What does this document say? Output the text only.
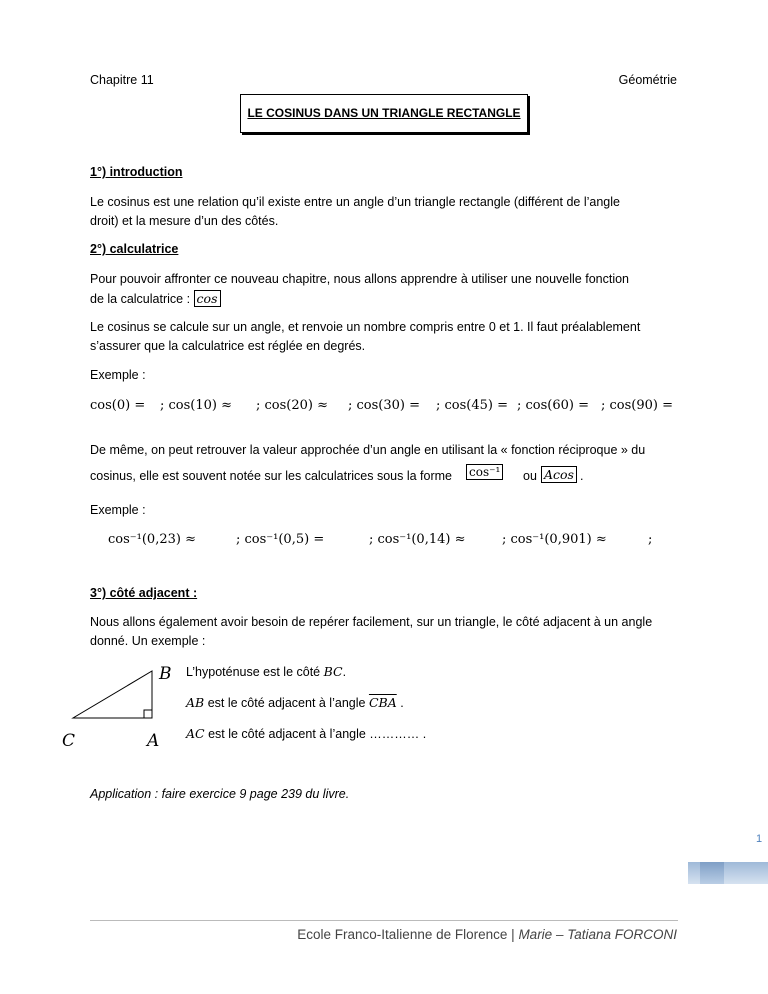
Chapitre 11	Géométrie
LE COSINUS DANS UN TRIANGLE RECTANGLE
1°) introduction
Le cosinus est une relation qu’il existe entre un angle d’un triangle rectangle (différent de l’angle
droit) et la mesure d’un des côtés.
2°) calculatrice
Pour pouvoir affronter ce nouveau chapitre, nous allons apprendre à utiliser une nouvelle fonction
de la calculatrice : cos
Le cosinus se calcule sur un angle, et renvoie un nombre compris entre 0 et 1. Il faut préalablement
s’assurer que la calculatrice est réglée en degrés.
Exemple :
cos(0) = ; cos(10) ≈ ; cos(20) ≈ ; cos(30) = ; cos(45) = ; cos(60) = ; cos(90) =
De même, on peut retrouver la valeur approchée d’un angle en utilisant la « fonction réciproque » du
cosinus, elle est souvent notée sur les calculatrices sous la forme cos⁻¹ ou Acos .
Exemple :
cos⁻¹(0,23) ≈	; cos⁻¹(0,5) =	; cos⁻¹(0,14) ≈	; cos⁻¹(0,901) ≈	;
3°) côté adjacent :
Nous allons également avoir besoin de repérer facilement, sur un triangle, le côté adjacent à un angle
donné. Un exemple :
B
C	A
L’hypoténuse est le côté BC.
AB est le côté adjacent à l’angle $\overline{CBA}$ .
AC est le côté adjacent à l’angle ………… .
Application : faire exercice 9 page 239 du livre.
1
Ecole Franco-Italienne de Florence | Marie – Tatiana FORCONI
